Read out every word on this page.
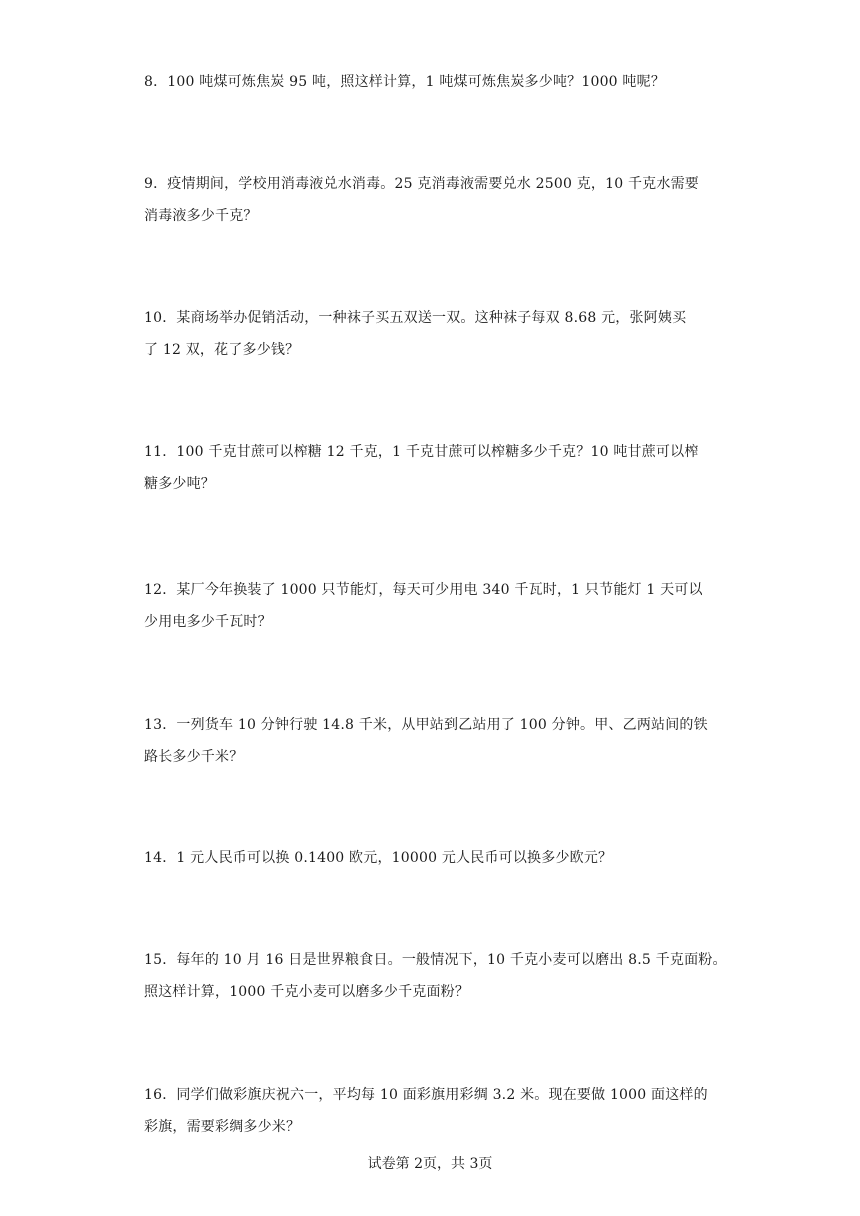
8．100 吨煤可炼焦炭 95 吨，照这样计算，1 吨煤可炼焦炭多少吨？1000 吨呢？
9．疫情期间，学校用消毒液兑水消毒。25 克消毒液需要兑水 2500 克，10 千克水需要
消毒液多少千克？
10．某商场举办促销活动，一种袜子买五双送一双。这种袜子每双 8.68 元，张阿姨买
了 12 双，花了多少钱？
11．100 千克甘蔗可以榨糖 12 千克，1 千克甘蔗可以榨糖多少千克？10 吨甘蔗可以榨
糖多少吨？
12．某厂今年换装了 1000 只节能灯，每天可少用电 340 千瓦时，1 只节能灯 1 天可以
少用电多少千瓦时？
13．一列货车 10 分钟行驶 14.8 千米，从甲站到乙站用了 100 分钟。甲、乙两站间的铁
路长多少千米？
14．1 元人民币可以换 0.1400 欧元，10000 元人民币可以换多少欧元？
15．每年的 10 月 16 日是世界粮食日。一般情况下，10 千克小麦可以磨出 8.5 千克面粉。
照这样计算，1000 千克小麦可以磨多少千克面粉？
16．同学们做彩旗庆祝六一，平均每 10 面彩旗用彩绸 3.2 米。现在要做 1000 面这样的
彩旗，需要彩绸多少米？
试卷第 2页，共 3页
